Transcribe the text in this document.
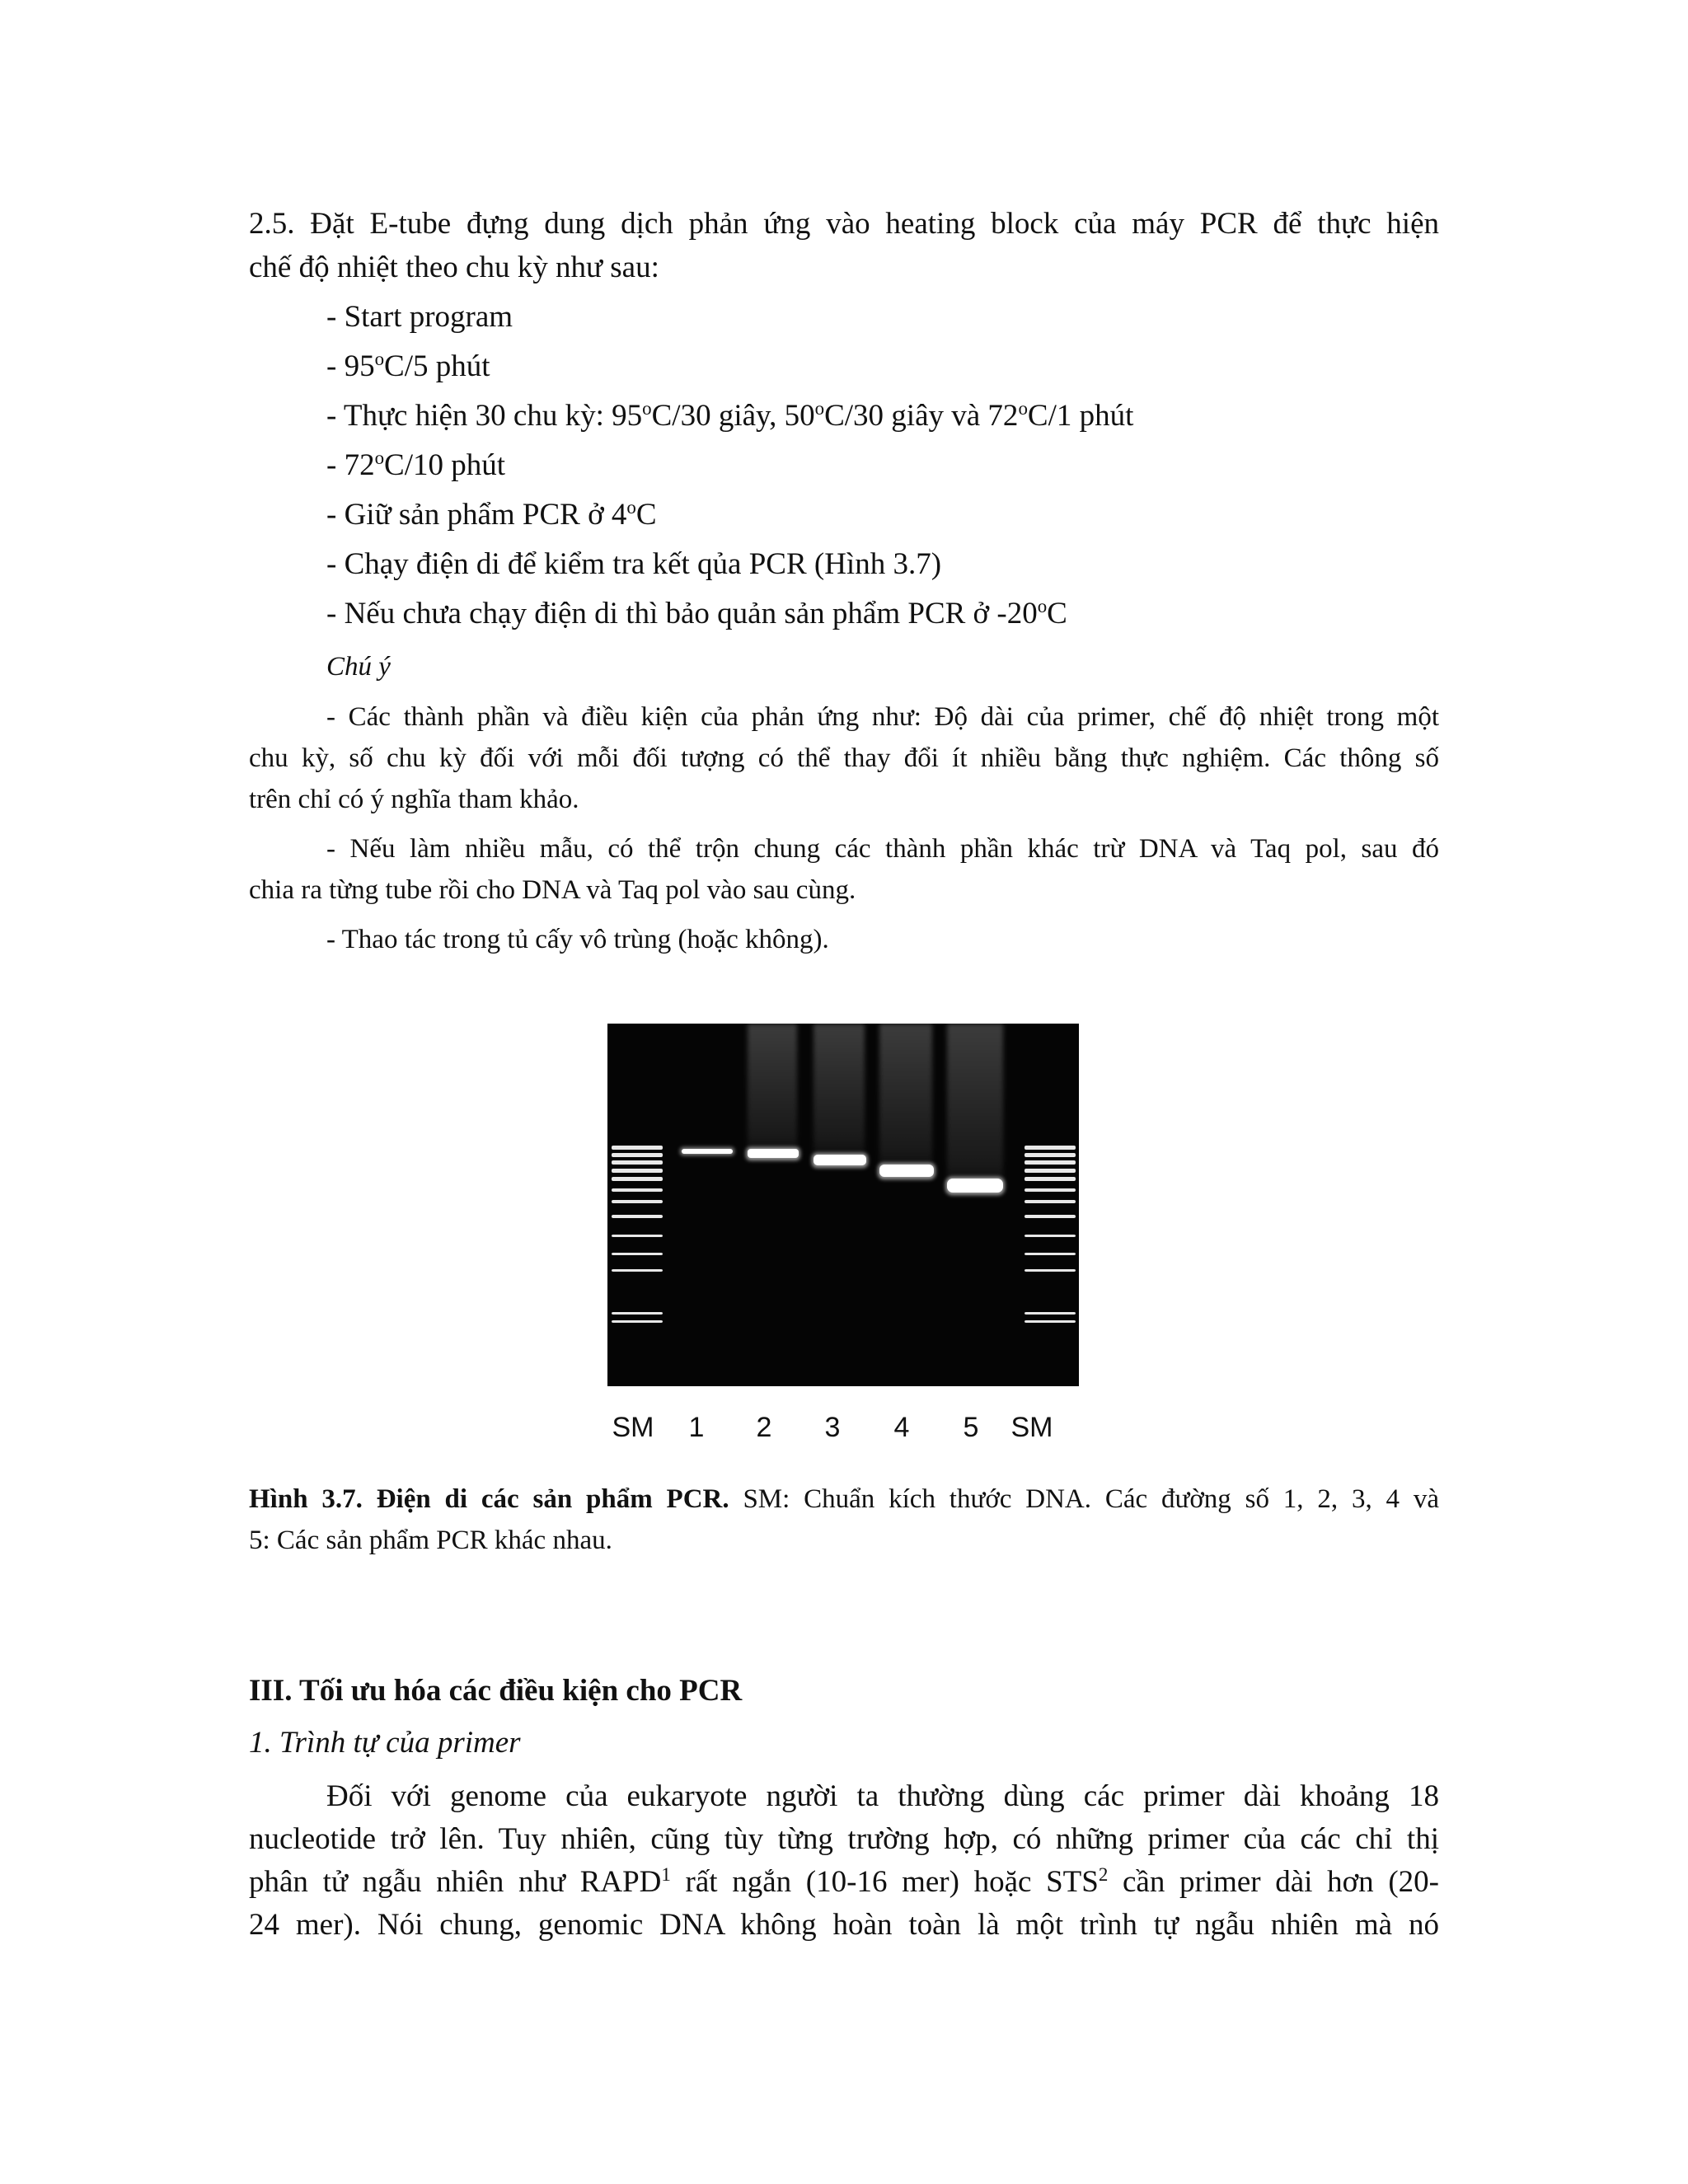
2.5. Đặt E-tube đựng dung dịch phản ứng vào heating block của máy PCR để thực hiện

chế độ nhiệt theo chu kỳ như sau:

- Start program

- 95$^o$C/5 phút

- Thực hiện 30 chu kỳ: 95$^o$C/30 giây, 50$^o$C/30 giây và 72$^o$C/1 phút

- 72$^o$C/10 phút

- Giữ sản phẩm PCR ở 4$^o$C

- Chạy điện di để kiểm tra kết qủa PCR (Hình 3.7)

- Nếu chưa chạy điện di thì bảo quản sản phẩm PCR ở -20$^o$C

Chú ý

- Các thành phần và điều kiện của phản ứng như: Độ dài của primer, chế độ nhiệt trong một

chu kỳ, số chu kỳ đối với mỗi đối tượng có thể thay đổi ít nhiều bằng thực nghiệm. Các thông số

trên chỉ có ý nghĩa tham khảo.

- Nếu làm nhiều mẫu, có thể trộn chung các thành phần khác trừ DNA và Taq pol, sau đó

chia ra từng tube rồi cho DNA và Taq pol vào sau cùng.

- Thao tác trong tủ cấy vô trùng (hoặc không).

SM 1 2 3 4 5 SM

Hình 3.7. Điện di các sản phẩm PCR. SM: Chuẩn kích thước DNA. Các đường số 1, 2, 3, 4 và

5: Các sản phẩm PCR khác nhau.

III. Tối ưu hóa các điều kiện cho PCR

1. Trình tự của primer

Đối với genome của eukaryote người ta thường dùng các primer dài khoảng 18

nucleotide trở lên. Tuy nhiên, cũng tùy từng trường hợp, có những primer của các chỉ thị

phân tử ngẫu nhiên như RAPD$^1$ rất ngắn (10-16 mer) hoặc STS$^2$ cần primer dài hơn (20-

24 mer). Nói chung, genomic DNA không hoàn toàn là một trình tự ngẫu nhiên mà nó
